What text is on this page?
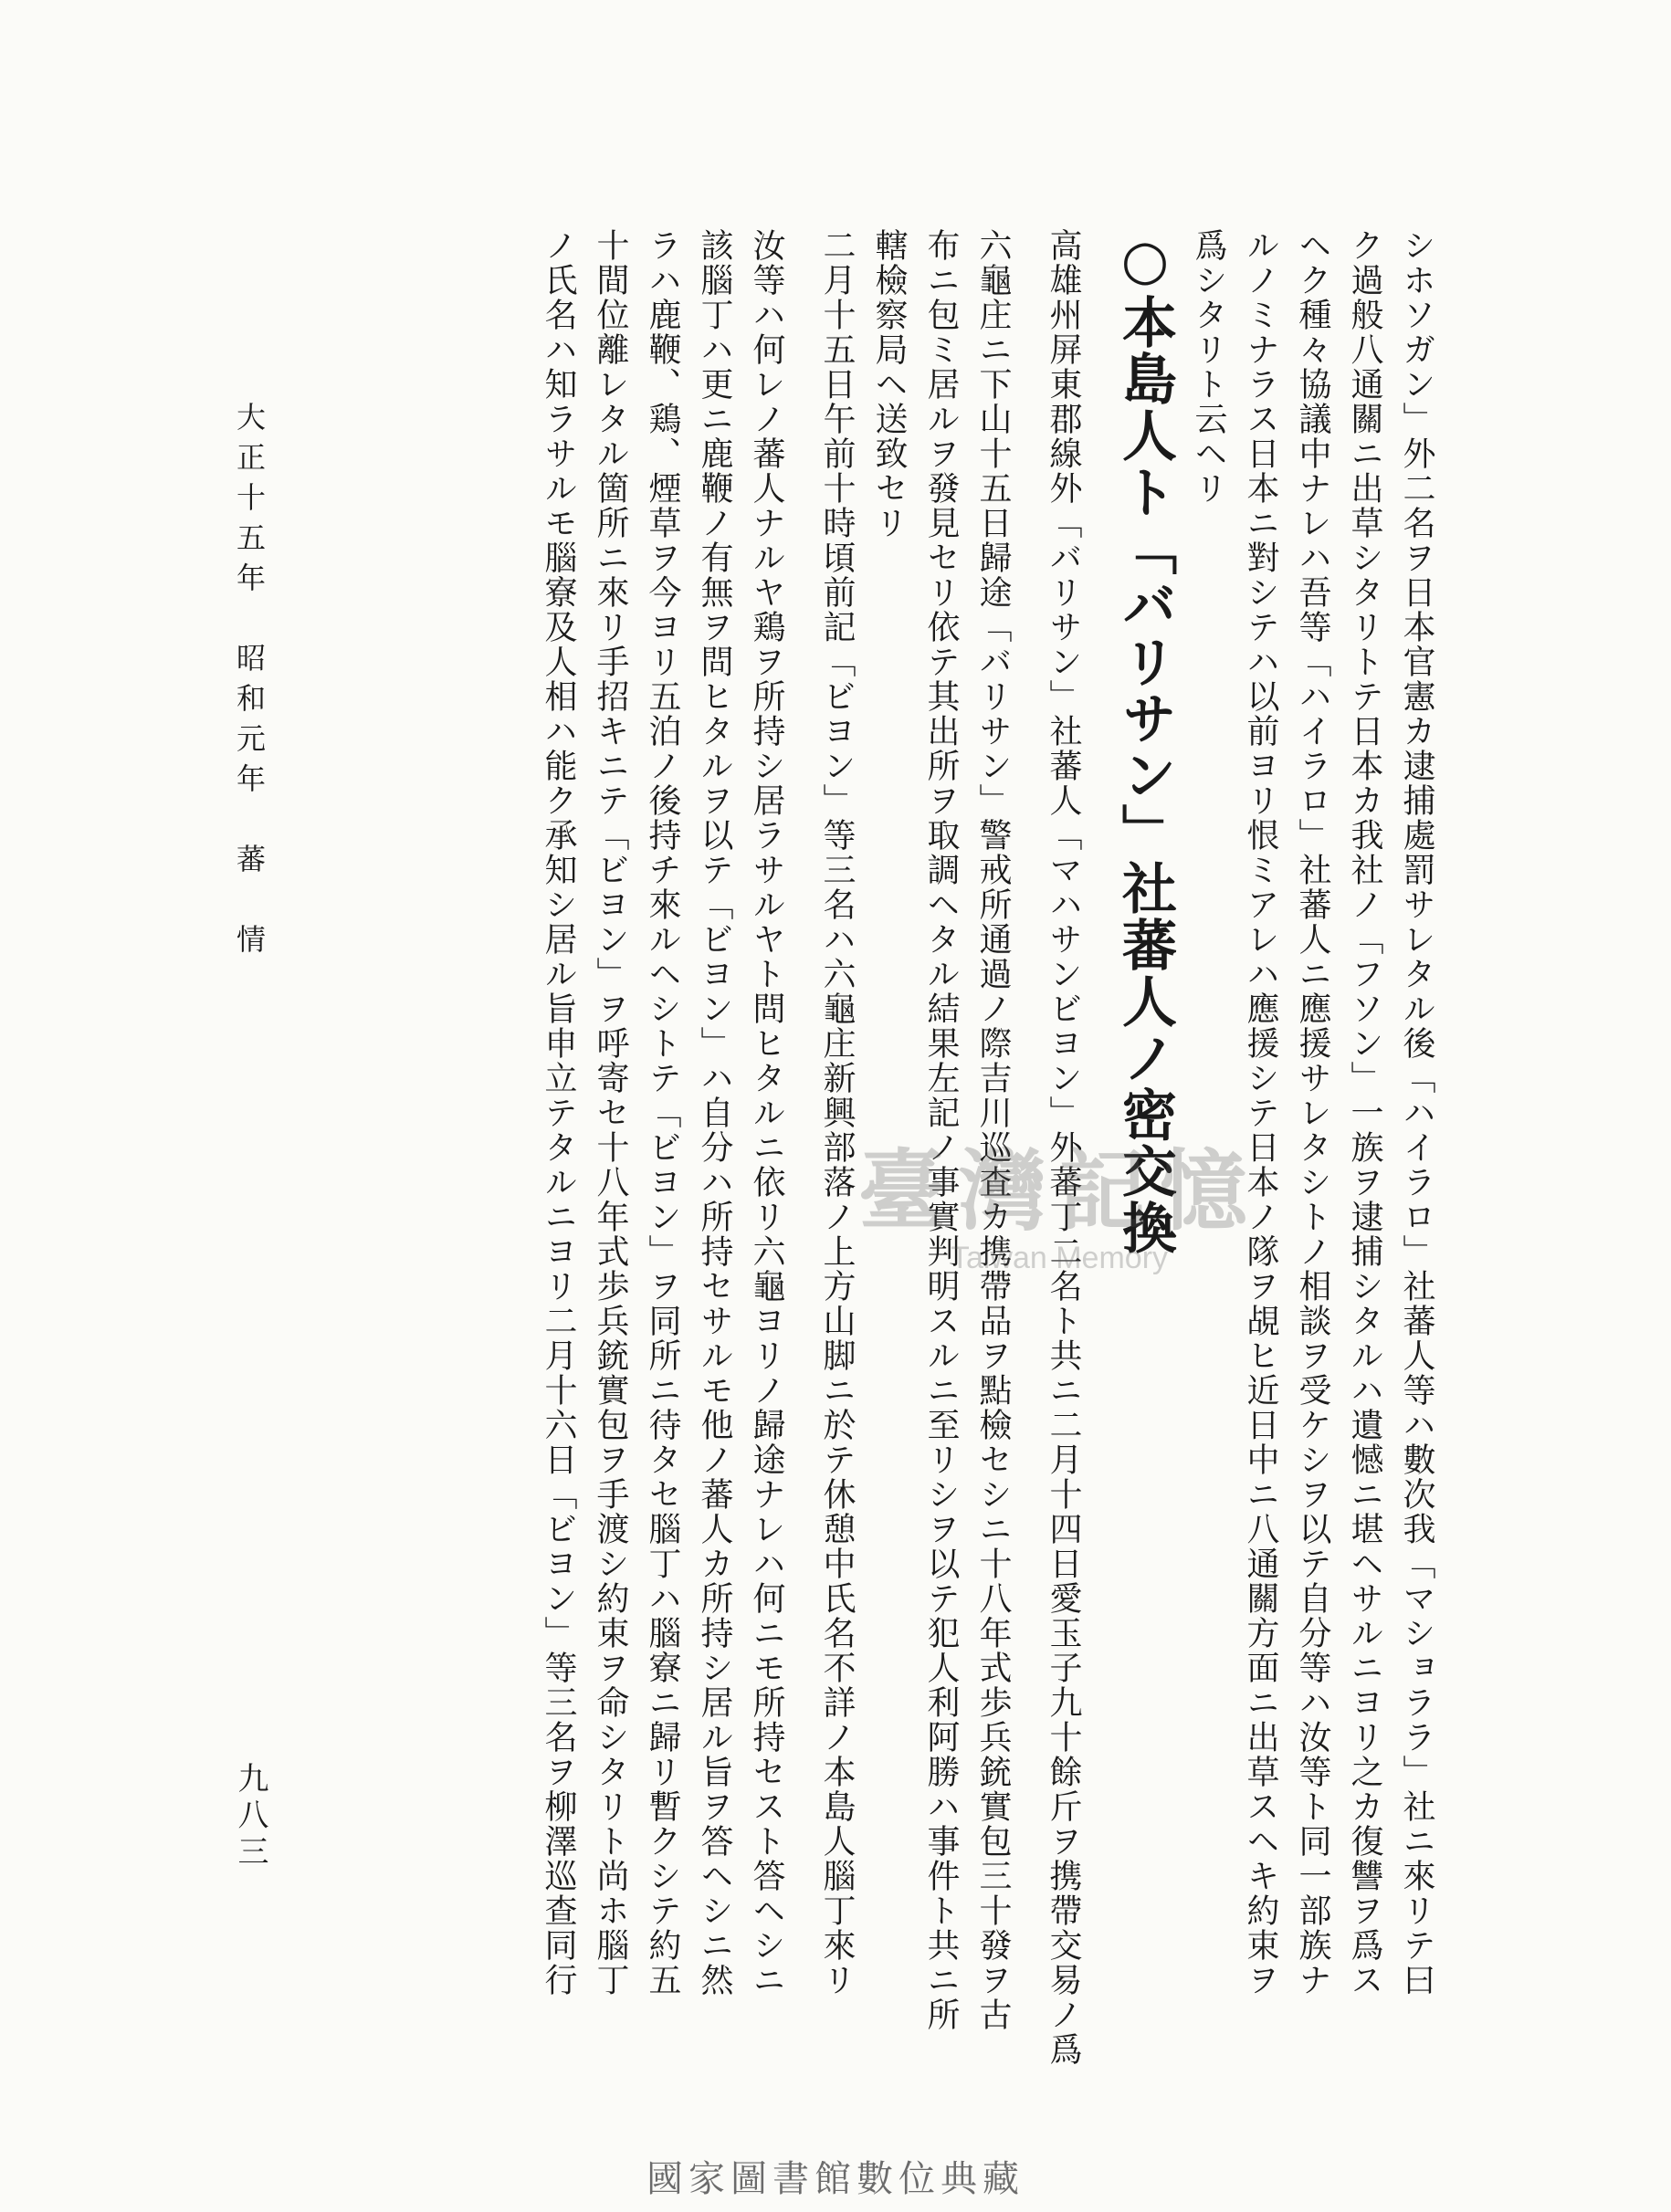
シホソガン」外二名ヲ日本官憲カ逮捕處罰サレタル後「ハイラロ」社蕃人等ハ數次我「マショララ」社ニ來リテ曰
ク過般八通關ニ出草シタリトテ日本カ我社ノ「フソン」一族ヲ逮捕シタルハ遺憾ニ堪ヘサルニヨリ之カ復讐ヲ爲ス
ヘク種々協議中ナレハ吾等「ハイラロ」社蕃人ニ應援サレタシトノ相談ヲ受ケシヲ以テ自分等ハ汝等ト同一部族ナ
ルノミナラス日本ニ對シテハ以前ヨリ恨ミアレハ應援シテ日本ノ隊ヲ覘ヒ近日中ニ八通關方面ニ出草スヘキ約束ヲ
爲シタリト云ヘリ
○本島人ト「バリサン」社蕃人ノ密交換
高雄州屏東郡線外「バリサン」社蕃人「マハサンビヨン」外蕃丁二名ト共ニ二月十四日愛玉子九十餘斤ヲ携帶交易ノ爲
六龜庄ニ下山十五日歸途「バリサン」警戒所通過ノ際吉川巡査カ携帶品ヲ點檢セシニ十八年式歩兵銃實包三十發ヲ古
布ニ包ミ居ルヲ發見セリ依テ其出所ヲ取調ヘタル結果左記ノ事實判明スルニ至リシヲ以テ犯人利阿勝ハ事件ト共ニ所
轄檢察局ヘ送致セリ
二月十五日午前十時頃前記「ビヨン」等三名ハ六龜庄新興部落ノ上方山脚ニ於テ休憩中氏名不詳ノ本島人腦丁來リ
汝等ハ何レノ蕃人ナルヤ鶏ヲ所持シ居ラサルヤト問ヒタルニ依リ六龜ヨリノ歸途ナレハ何ニモ所持セスト答ヘシニ
該腦丁ハ更ニ鹿鞭ノ有無ヲ問ヒタルヲ以テ「ビヨン」ハ自分ハ所持セサルモ他ノ蕃人カ所持シ居ル旨ヲ答ヘシニ然
ラハ鹿鞭、鶏、煙草ヲ今ヨリ五泊ノ後持チ來ルヘシトテ「ビヨン」ヲ同所ニ待タセ腦丁ハ腦寮ニ歸リ暫クシテ約五
十間位離レタル箇所ニ來リ手招キニテ「ビヨン」ヲ呼寄セ十八年式歩兵銃實包ヲ手渡シ約束ヲ命シタリト尚ホ腦丁
ノ氏名ハ知ラサルモ腦寮及人相ハ能ク承知シ居ル旨申立テタルニヨリ二月十六日「ビヨン」等三名ヲ柳澤巡查同行
大正十五年　昭和元年　蕃　情
九八三
臺灣記憶
Taiwan Memory
國家圖書館數位典藏
